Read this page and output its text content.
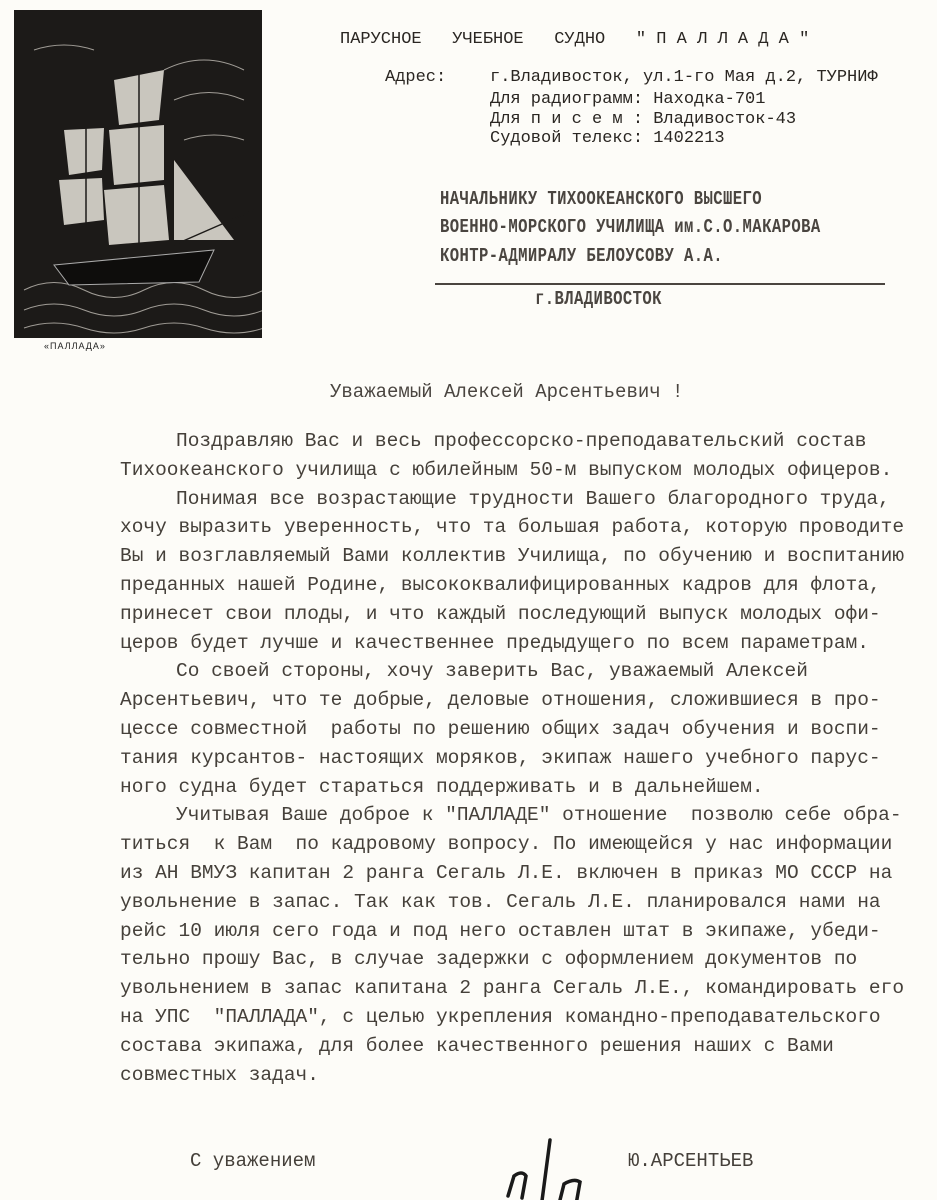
«ПАЛЛАДА»
ПАРУСНОЕ   УЧЕБНОЕ   СУДНО   " П А Л Л А Д А "
Адрес:	г.Владивосток, ул.1-го Мая д.2, ТУРНИФ
Для радиограмм: Находка-701
Для п и с е м : Владивосток-43
Судовой телекс: 1402213
НАЧАЛЬНИКУ ТИХООКЕАНСКОГО ВЫСШЕГО
ВОЕННО-МОРСКОГО УЧИЛИЩА им.С.О.МАКАРОВА
КОНТР-АДМИРАЛУ БЕЛОУСОВУ А.А.
г.ВЛАДИВОСТОК
Уважаемый Алексей Арсентьевич !
Поздравляю Вас и весь профессорско-преподавательский состав
Тихоокеанского училища с юбилейным 50-м выпуском молодых офицеров.
Понимая все возрастающие трудности Вашего благородного труда,
хочу выразить уверенность, что та большая работа, которую проводите
Вы и возглавляемый Вами коллектив Училища, по обучению и воспитанию
преданных нашей Родине, высококвалифицированных кадров для флота,
принесет свои плоды, и что каждый последующий выпуск молодых офи-
церов будет лучше и качественнее предыдущего по всем параметрам.
Со своей стороны, хочу заверить Вас, уважаемый Алексей
Арсентьевич, что те добрые, деловые отношения, сложившиеся в про-
цессе совместной  работы по решению общих задач обучения и воспи-
тания курсантов- настоящих моряков, экипаж нашего учебного парус-
ного судна будет стараться поддерживать и в дальнейшем.
Учитывая Ваше доброе к "ПАЛЛАДЕ" отношение  позволю себе обра-
титься  к Вам  по кадровому вопросу. По имеющейся у нас информации
из АН ВМУЗ капитан 2 ранга Сегаль Л.Е. включен в приказ МО СССР на
увольнение в запас. Так как тов. Сегаль Л.Е. планировался нами на
рейс 10 июля сего года и под него оставлен штат в экипаже, убеди-
тельно прошу Вас, в случае задержки с оформлением документов по
увольнением в запас капитана 2 ранга Сегаль Л.Е., командировать его
на УПС  "ПАЛЛАДА", с целью укрепления командно-преподавательского
состава экипажа, для более качественного решения наших с Вами
совместных задач.
С уважением

	Ю.АРСЕНТЬЕВ
